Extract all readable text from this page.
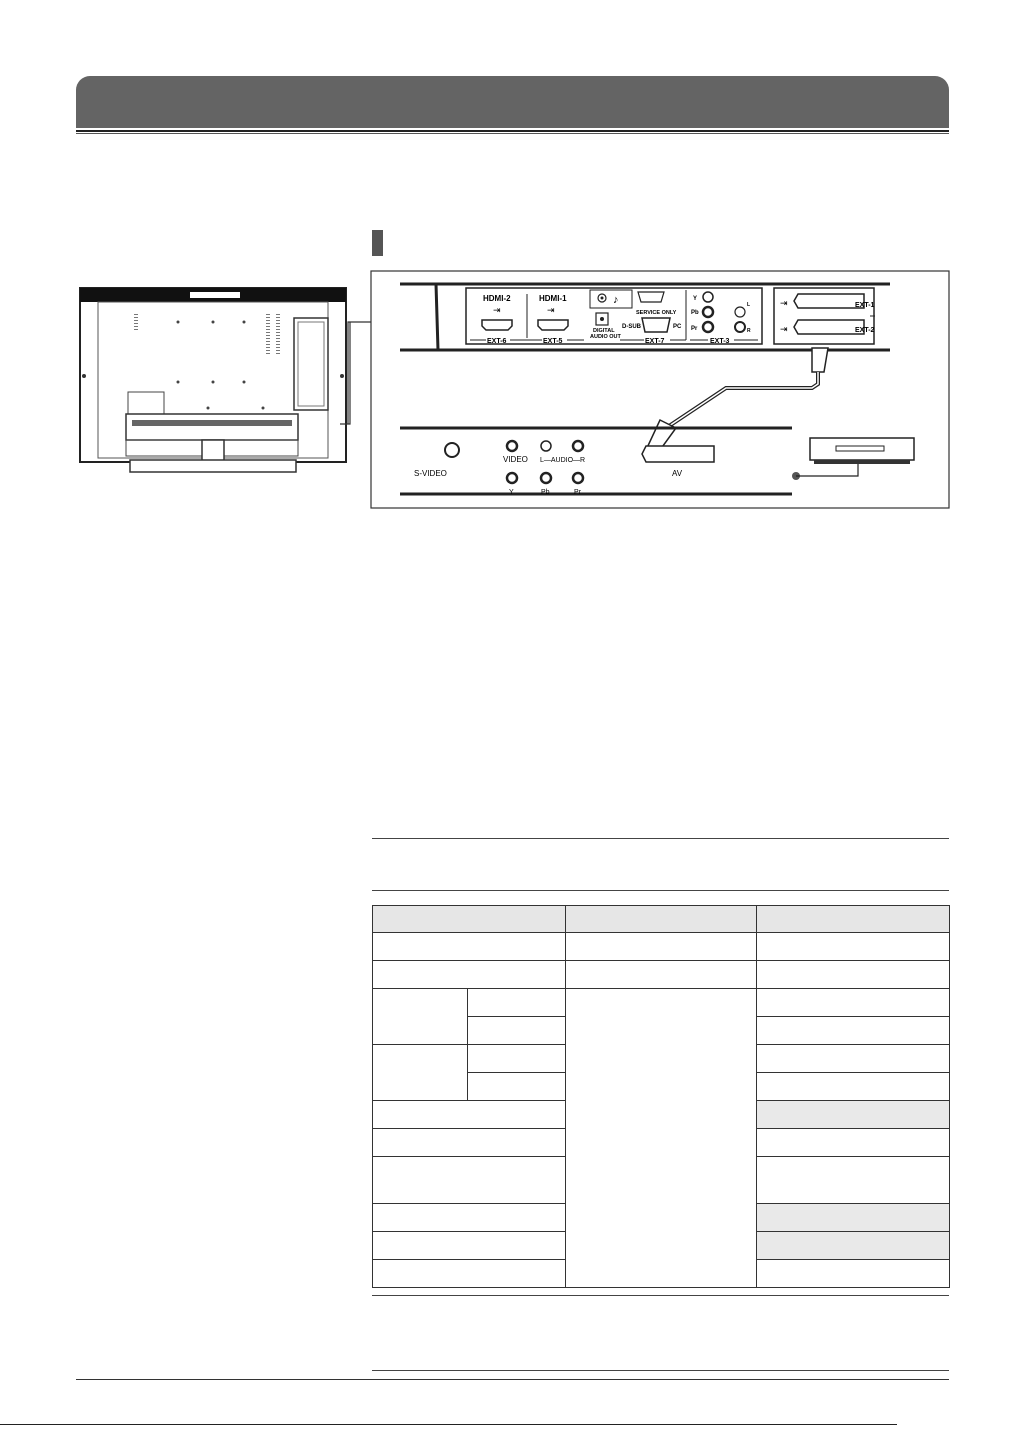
HDMI-2
⇥
HDMI-1
⇥
EXT-6	EXT-5
♪
SERVICE ONLY
DIGITAL
AUDIO OUT
D-SUB	PC
EXT-7
Y
Pb
Pr
L
R
EXT-3
⇥	EXT-1
⇥	EXT-2
S-VIDEO
VIDEO L—AUDIO—R
Y	Pb	Pr
AV
